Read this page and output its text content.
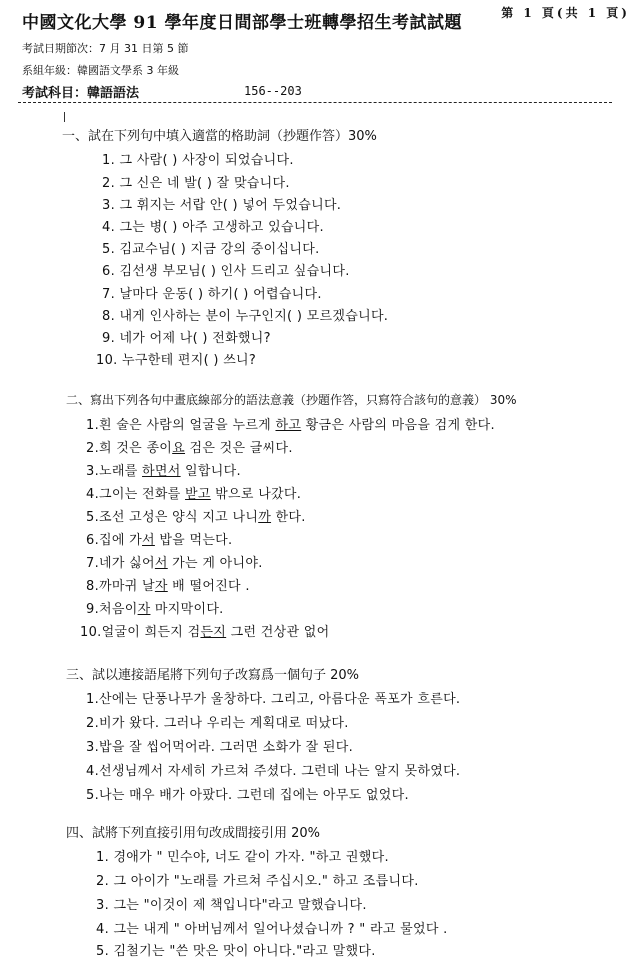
中國文化大學 91 學年度日間部學士班轉學招生考試試題	第 1 頁(共 1 頁)
考試日期節次：7 月 31 日第 5 節
系組年級：韓國語文學系 3 年級
考試科目：韓語語法	156--203
一、試在下列句中填入適當的格助詞（抄題作答）30%
1. 그 사람( ) 사장이 되었습니다.
2. 그 신은 네 발( ) 잘 맞습니다.
3. 그 휘지는 서랍 안( ) 넣어 두었습니다.
4. 그는 병( ) 아주 고생하고 있습니다.
5. 김교수님( ) 지금 강의 중이십니다.
6. 김선생 부모님( ) 인사 드리고 싶습니다.
7. 날마다 운동( ) 하기( ) 어렵습니다.
8. 내게 인사하는 분이 누구인지( ) 모르겠습니다.
9. 네가 어제 나( ) 전화했니?
10. 누구한테 편지( ) 쓰니?
二、寫出下列各句中畫底線部分的語法意義（抄題作答，只寫符合該句的意義） 30%
1.흰 술은 사람의 얼굴을 누르게 하고 황금은 사람의 마음을 검게 한다.
2.희 것은 종이요 검은 것은 글씨다.
3.노래를 하면서 일합니다.
4.그이는 전화를 받고 밖으로 나갔다.
5.조선 고성은 양식 지고 나니까 한다.
6.집에 가서 밥을 먹는다.
7.네가 싫어서 가는 게 아니야.
8.까마귀 날자 배 떨어진다 .
9.처음이자 마지막이다.
10.얼굴이 희든지 검든지 그런 건상관 없어
三、試以連接語尾將下列句子改寫爲一個句子 20%
1.산에는 단풍나무가 울창하다. 그리고, 아름다운 폭포가 흐른다.
2.비가 왔다. 그러나 우리는 계획대로 떠났다.
3.밥을 잘 씹어먹어라. 그러면 소화가 잘 된다.
4.선생님께서 자세히 가르쳐 주셨다. 그런데 나는 알지 못하였다.
5.나는 매우 배가 아팠다. 그런데 집에는 아무도 없었다.
四、試將下列直接引用句改成間接引用 20%
1. 경애가 " 민수야, 너도 같이 가자. "하고 권했다.
2. 그 아이가 "노래를 가르쳐 주십시오." 하고 조릅니다.
3. 그는 "이것이 제 책입니다"라고 말했습니다.
4. 그는 내게 " 아버님께서 일어나셨습니까 ? " 라고 물었다 .
5. 김철기는 "쓴 맛은 맛이 아니다."라고 말했다.
